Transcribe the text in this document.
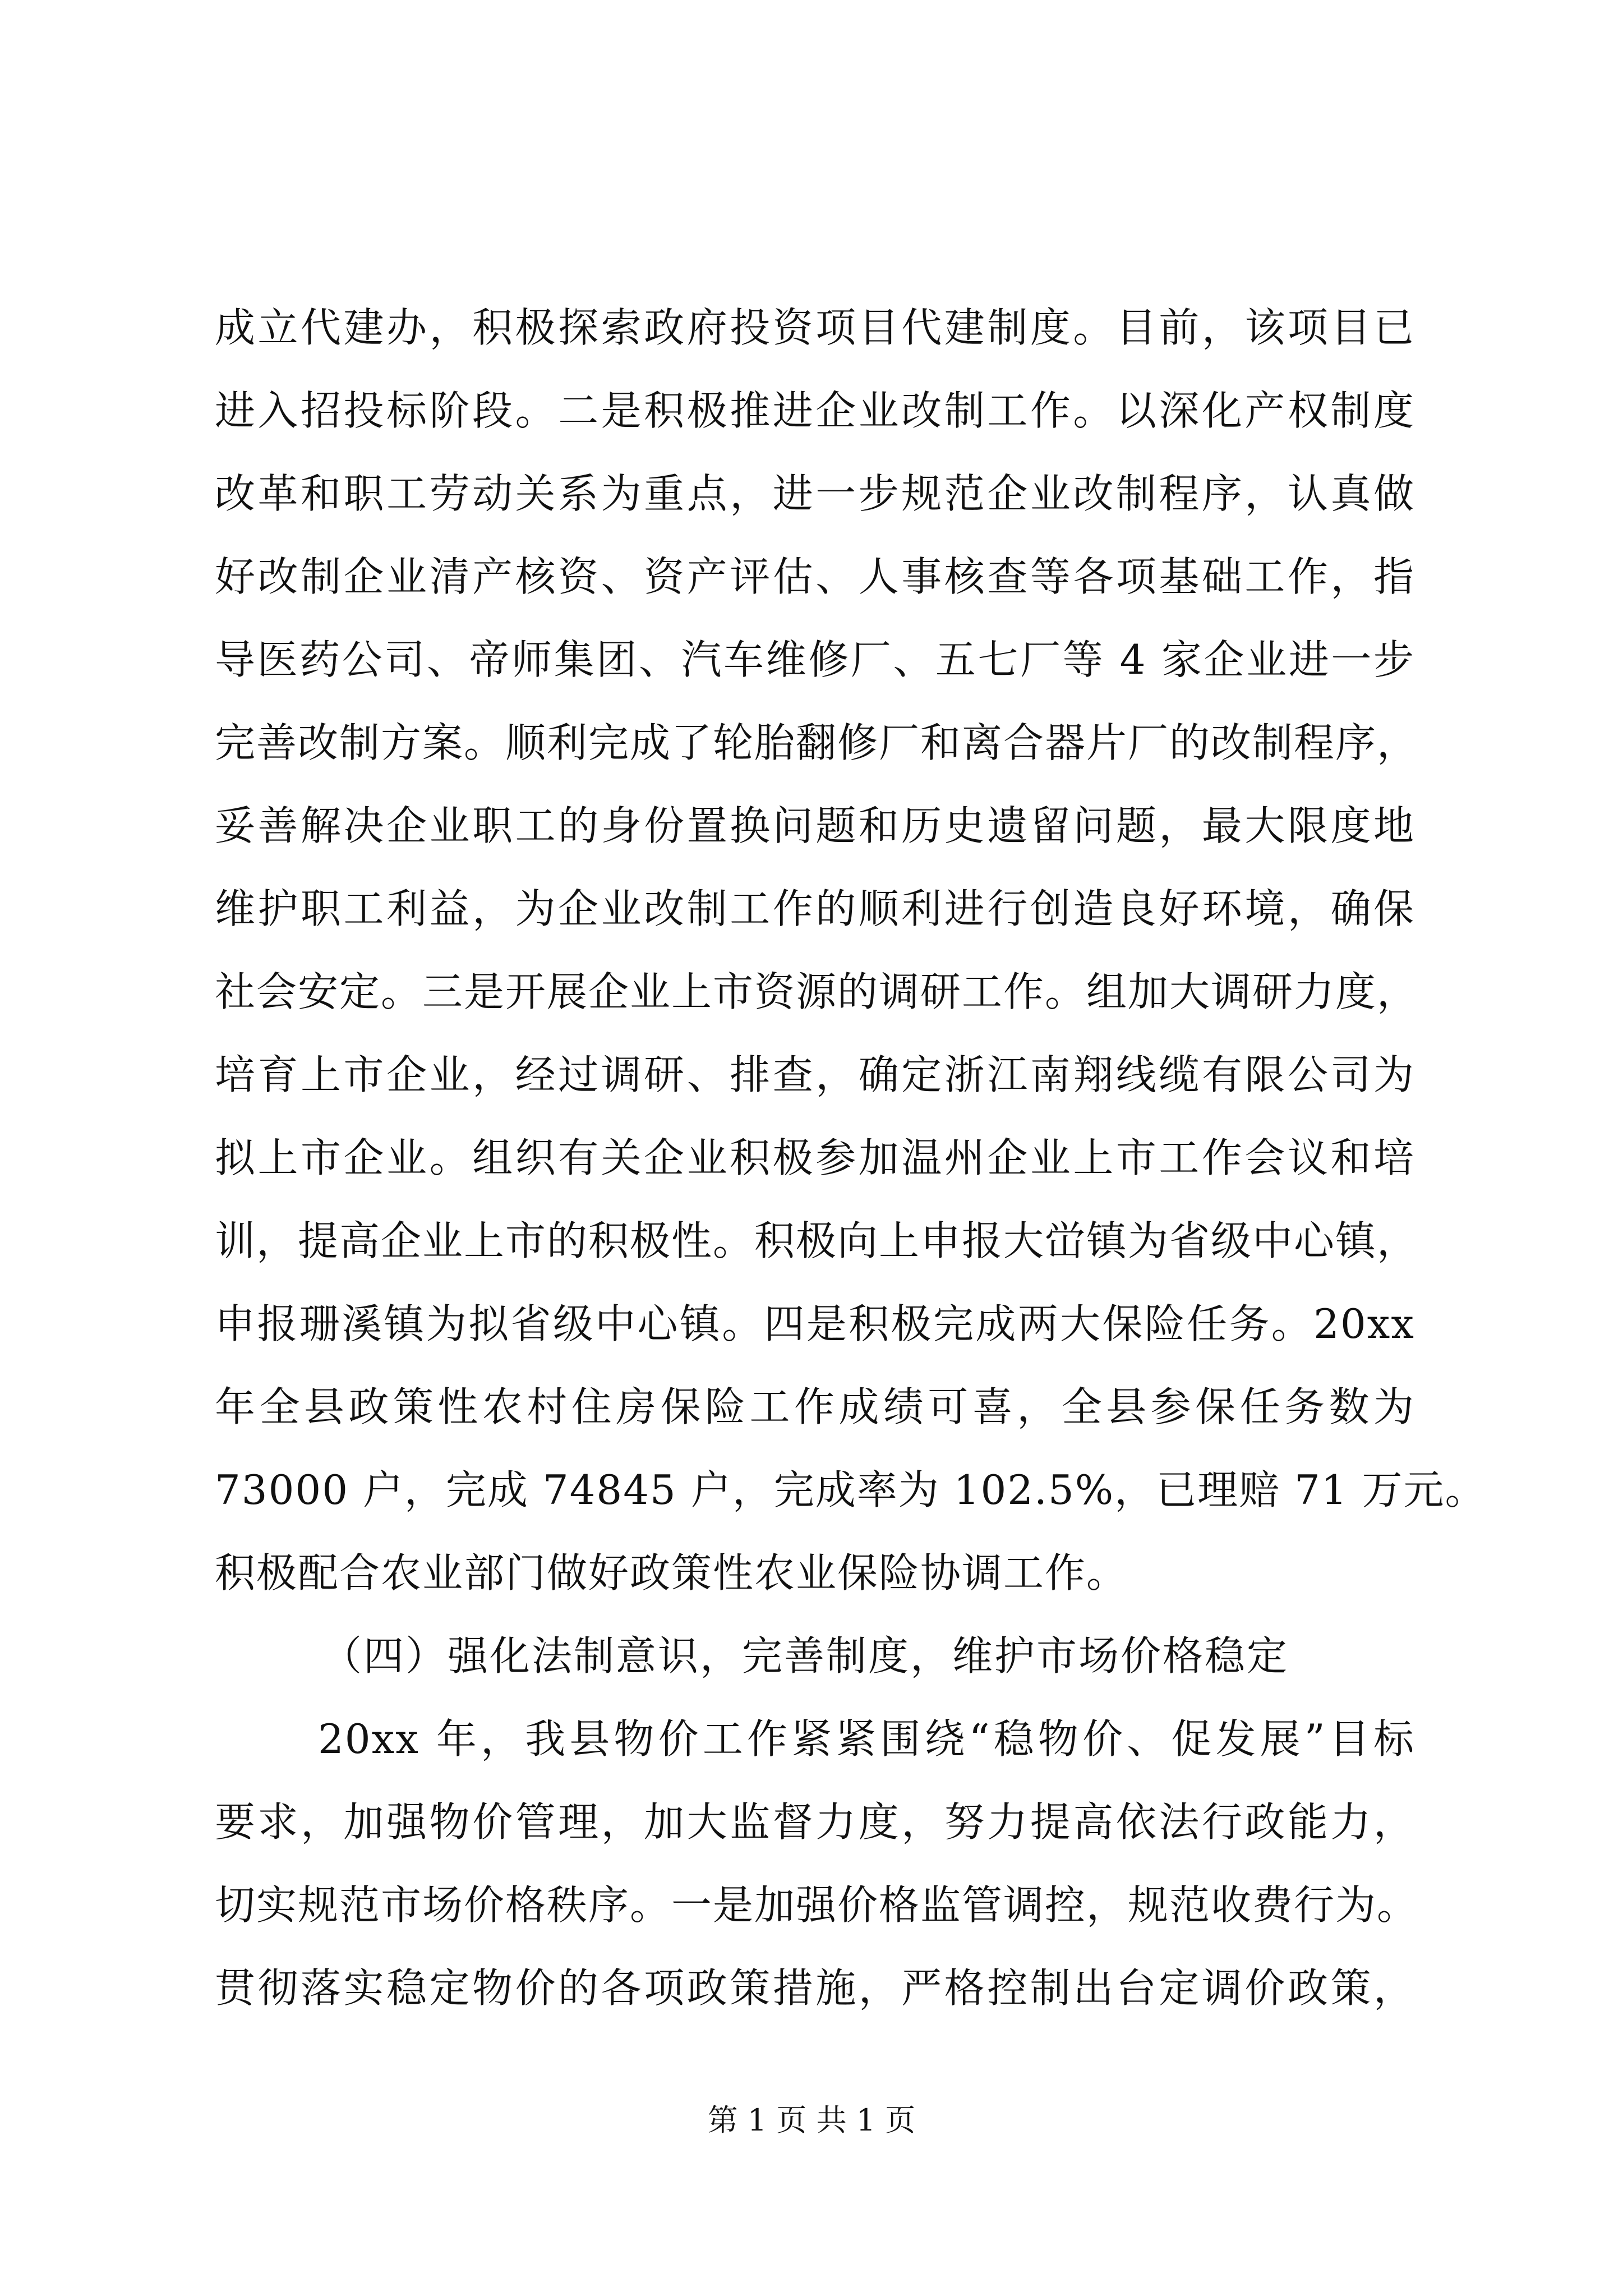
成立代建办，积极探索政府投资项目代建制度。目前，该项目已
进入招投标阶段。二是积极推进企业改制工作。以深化产权制度
改革和职工劳动关系为重点，进一步规范企业改制程序，认真做
好改制企业清产核资、资产评估、人事核查等各项基础工作，指
导医药公司、帝师集团、汽车维修厂、五七厂等 4 家企业进一步
完善改制方案。顺利完成了轮胎翻修厂和离合器片厂的改制程序，
妥善解决企业职工的身份置换问题和历史遗留问题，最大限度地
维护职工利益，为企业改制工作的顺利进行创造良好环境，确保
社会安定。三是开展企业上市资源的调研工作。组加大调研力度，
培育上市企业，经过调研、排查，确定浙江南翔线缆有限公司为
拟上市企业。组织有关企业积极参加温州企业上市工作会议和培
训，提高企业上市的积极性。积极向上申报大峃镇为省级中心镇，
申报珊溪镇为拟省级中心镇。四是积极完成两大保险任务。20xx
年全县政策性农村住房保险工作成绩可喜，全县参保任务数为
73000 户，完成 74845 户，完成率为 102.5%，已理赔 71 万元。
积极配合农业部门做好政策性农业保险协调工作。
（四）强化法制意识，完善制度，维护市场价格稳定
20xx 年，我县物价工作紧紧围绕“稳物价、促发展”目标
要求，加强物价管理，加大监督力度，努力提高依法行政能力，
切实规范市场价格秩序。一是加强价格监管调控，规范收费行为。
贯彻落实稳定物价的各项政策措施，严格控制出台定调价政策，
第 1 页 共 1 页
